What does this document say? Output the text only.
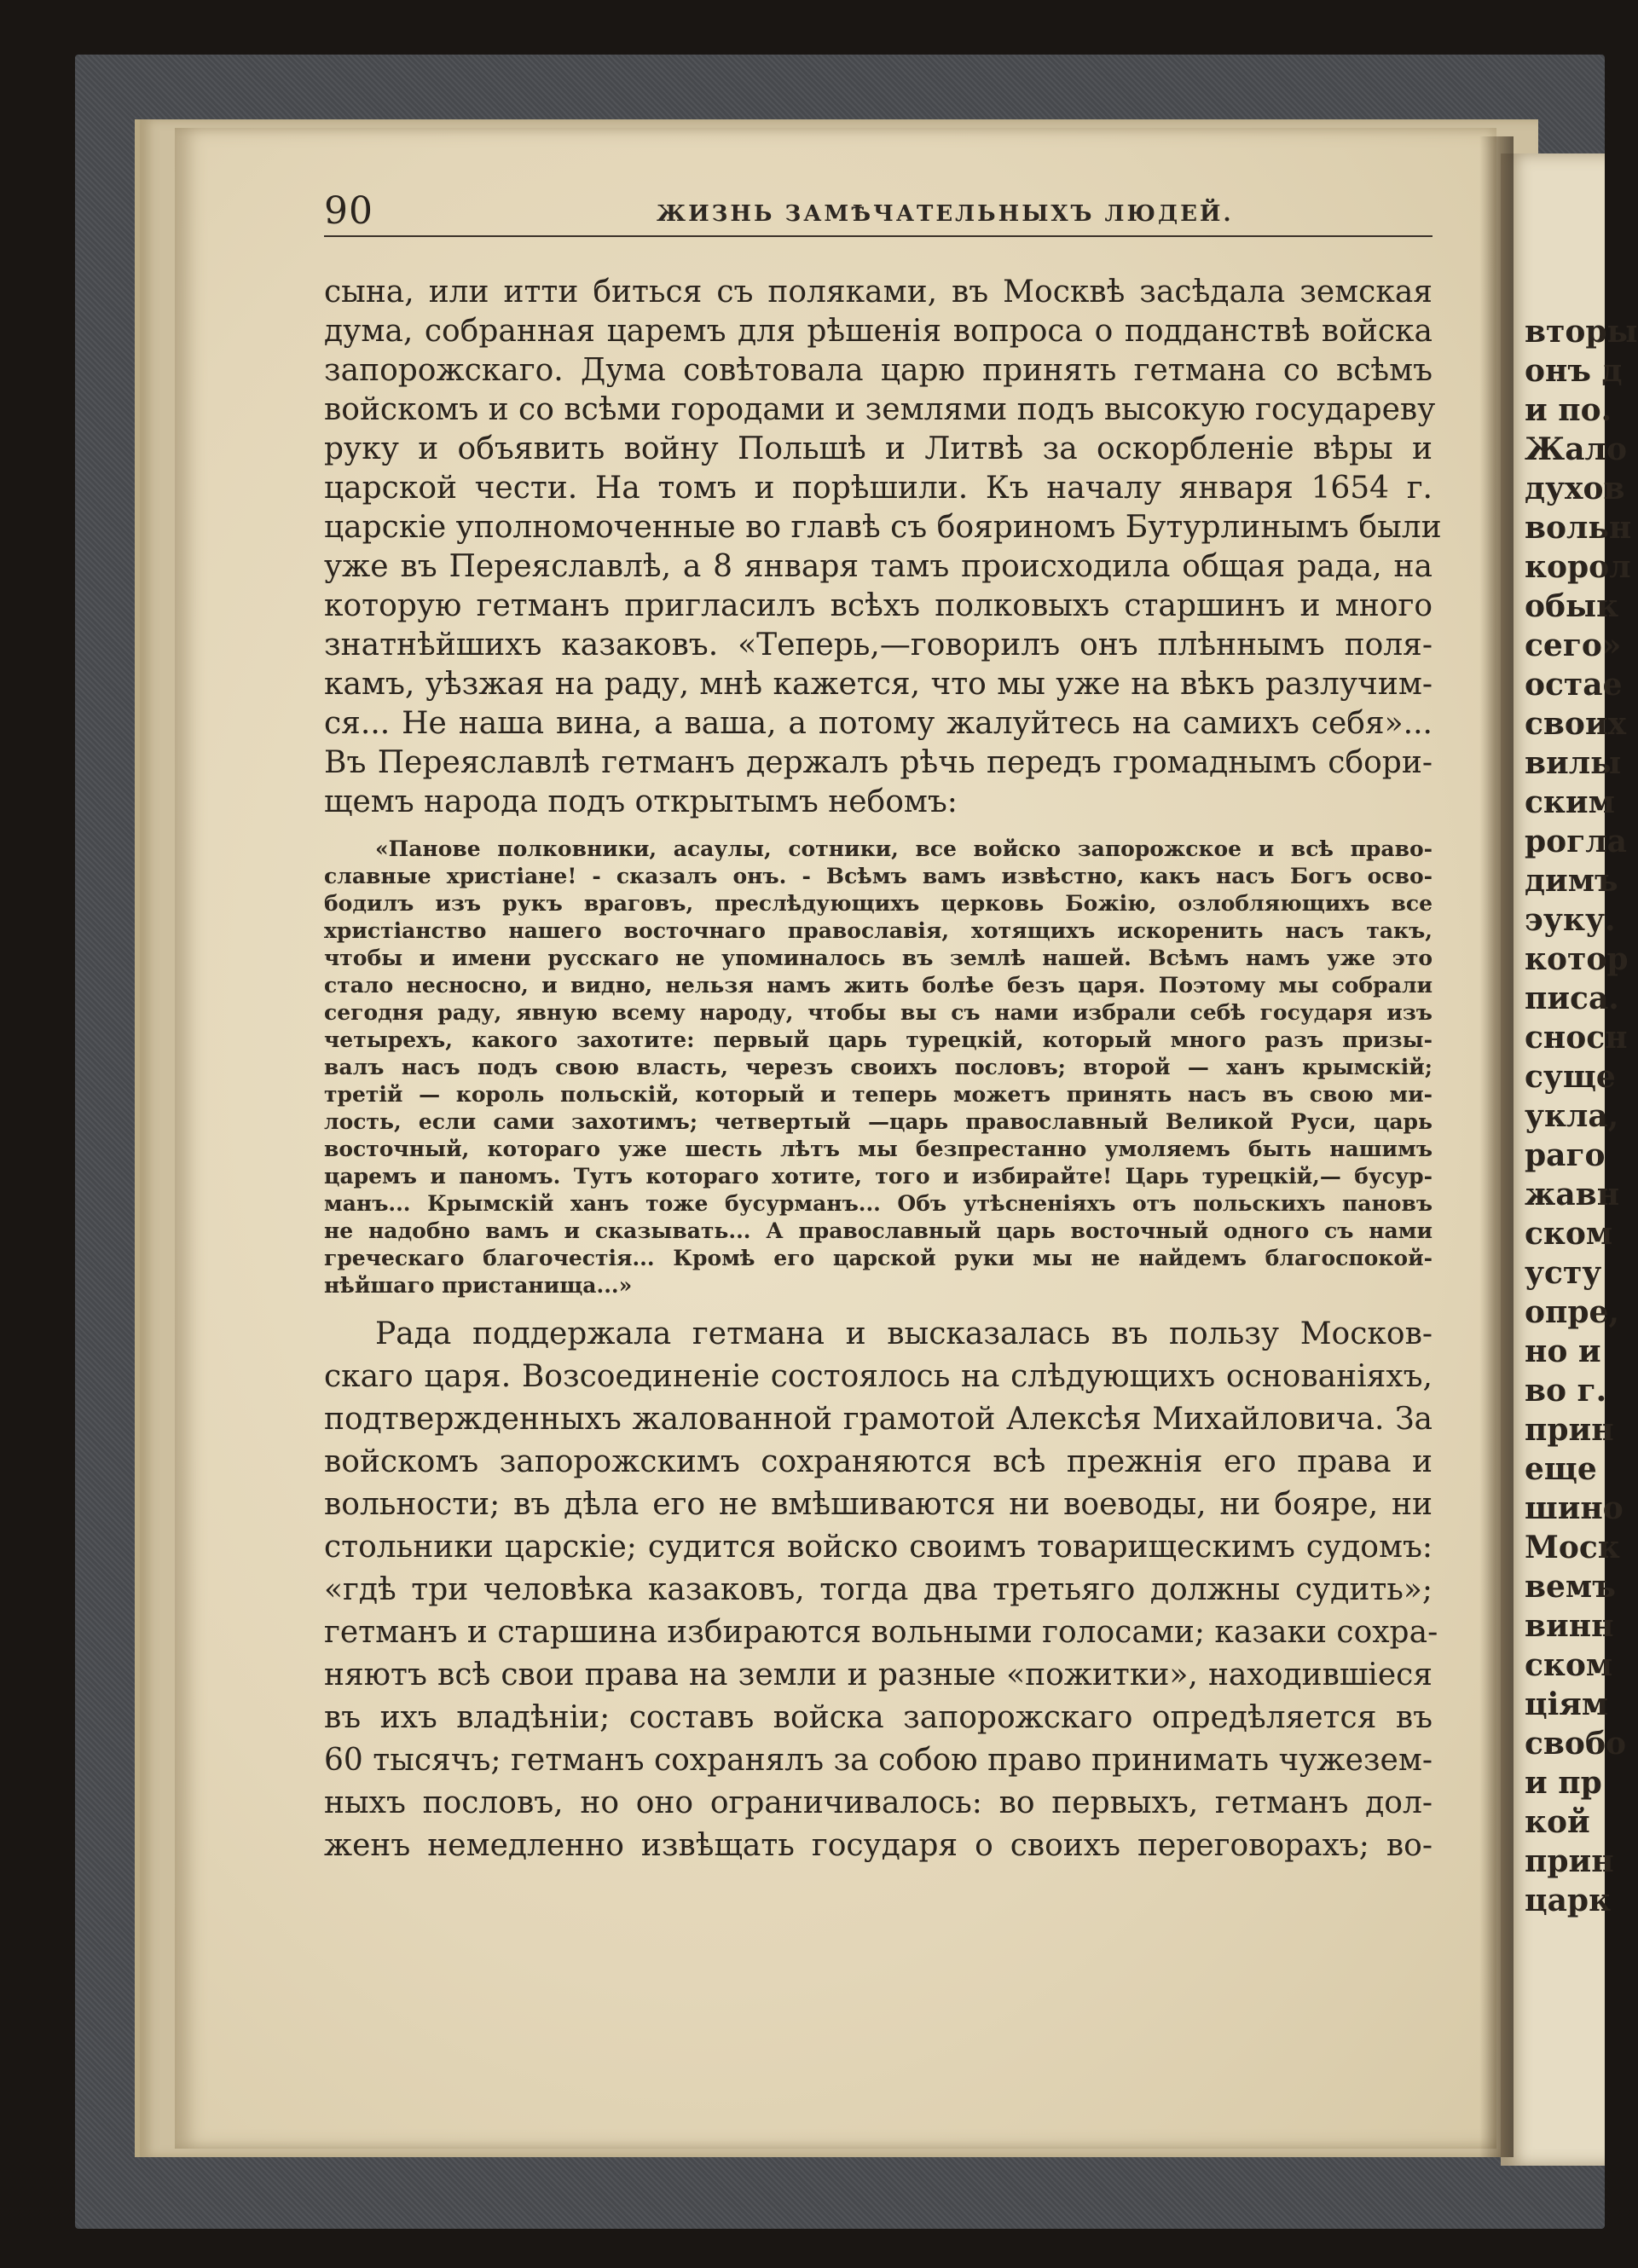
90	ЖИЗНЬ ЗАМѢЧАТЕЛЬНЫХЪ ЛЮДЕЙ.
сына, или итти биться съ поляками, въ Москвѣ засѣдала земская
дума, собранная царемъ для рѣшенія вопроса о подданствѣ войска
запорожскаго. Дума совѣтовала царю принять гетмана со всѣмъ
войскомъ и со всѣми городами и землями подъ высокую государеву
руку и объявить войну Польшѣ и Литвѣ за оскорбленіе вѣры и
царской чести. На томъ и порѣшили. Къ началу января 1654 г.
царскіе уполномоченные во главѣ съ бояриномъ Бутурлинымъ были
уже въ Переяславлѣ, а 8 января тамъ происходила общая рада, на
которую гетманъ пригласилъ всѣхъ полковыхъ старшинъ и много
знатнѣйшихъ казаковъ. «Теперь,—говорилъ онъ плѣннымъ поля-
камъ, уѣзжая на раду, мнѣ кажется, что мы уже на вѣкъ разлучим-
ся... Не наша вина, а ваша, а потому жалуйтесь на самихъ себя»...
Въ Переяславлѣ гетманъ держалъ рѣчь передъ громаднымъ сбори-
щемъ народа подъ открытымъ небомъ:
«Панове полковники, асаулы, сотники, все войско запорожское и всѣ право-
славные христiане! - сказалъ онъ. - Всѣмъ вамъ извѣстно, какъ насъ Богъ осво-
бодилъ изъ рукъ враговъ, преслѣдующихъ церковь Божію, озлобляющихъ все
христіанство нашего восточнаго православія, хотящихъ искоренить насъ такъ,
чтобы и имени русскаго не упоминалось въ землѣ нашей. Всѣмъ намъ уже это
стало несносно, и видно, нельзя намъ жить болѣе безъ царя. Поэтому мы собрали
сегодня раду, явную всему народу, чтобы вы съ нами избрали себѣ государя изъ
четырехъ, какого захотите: первый царь турецкій, который много разъ призы-
валъ насъ подъ свою власть, черезъ своихъ пословъ; второй — ханъ крымскій;
третій — король польскій, который и теперь можетъ принять насъ въ свою ми-
лость, если сами захотимъ; четвертый —царь православный Великой Руси, царь
восточный, котораго уже шесть лѣтъ мы безпрестанно умоляемъ быть нашимъ
царемъ и паномъ. Тутъ котораго хотите, того и избирайте! Царь турецкій,— бусур-
манъ... Крымскій ханъ тоже бусурманъ... Объ утѣсненіяхъ отъ польскихъ пановъ
не надобно вамъ и сказывать... А православный царь восточный одного съ нами
греческаго благочестія... Кромѣ его царской руки мы не найдемъ благоспокой-
нѣйшаго пристанища...»
Рада поддержала гетмана и высказалась въ пользу Москов-
скаго царя. Возсоединеніе состоялось на слѣдующихъ основаніяхъ,
подтвержденныхъ жалованной грамотой Алексѣя Михайловича. За
войскомъ запорожскимъ сохраняются всѣ прежнія его права и
вольности; въ дѣла его не вмѣшиваются ни воеводы, ни бояре, ни
стольники царскіе; судится войско своимъ товарищескимъ судомъ:
«гдѣ три человѣка казаковъ, тогда два третьяго должны судить»;
гетманъ и старшина избираются вольными голосами; казаки сохра-
няютъ всѣ свои права на земли и разные «пожитки», находившіеся
въ ихъ владѣніи; составъ войска запорожскаго опредѣляется въ
60 тысячъ; гетманъ сохранялъ за собою право принимать чужезем-
ныхъ пословъ, но оно ограничивалось: во первыхъ, гетманъ дол-
женъ немедленно извѣщать государя о своихъ переговорахъ; во-
вторы
онъ д
и по.
Жало
духов
вольн
корол
обык
сего»
остае
своих
вилы
ским
рогла
димъ
эуку.
котор
писа.
сносн
суще
укла,
раго
жавн
ском
усту
опре,
но и
во г.
прин
еще
шино
Моск
вемъ
винн
ском
ціям
свобо
и пр
кой
прин
царк
